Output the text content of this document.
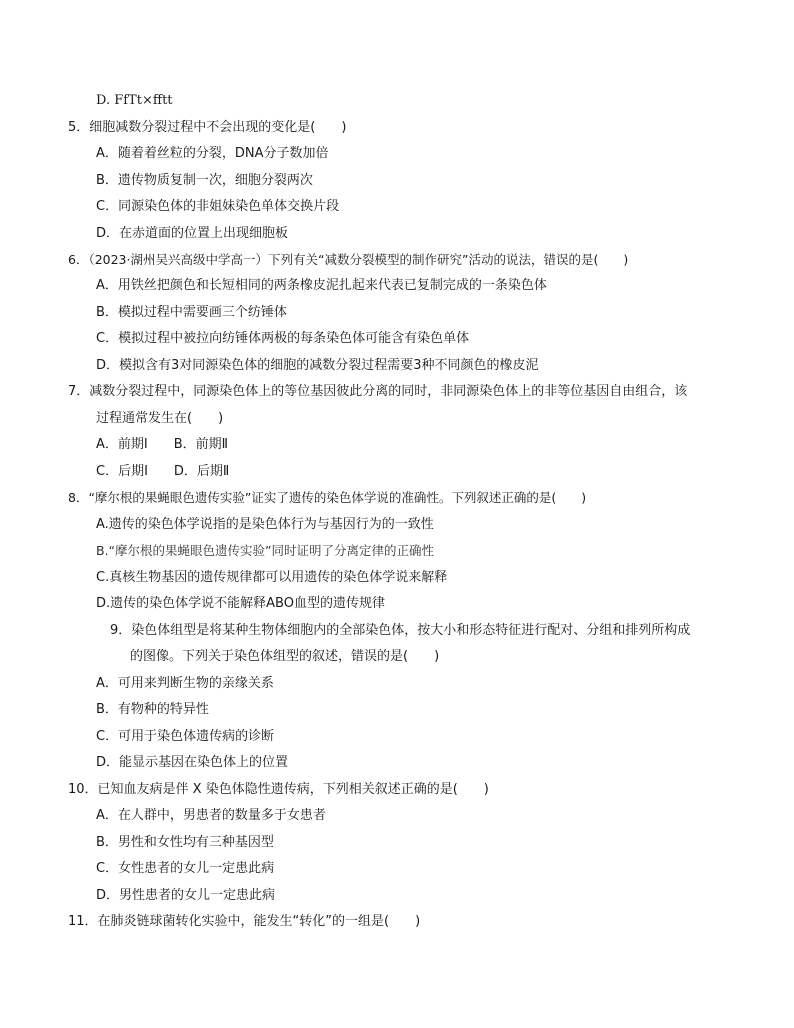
D. FfTt×fftt
5．细胞减数分裂过程中不会出现的变化是(　　)
A．随着着丝粒的分裂，DNA分子数加倍
B．遗传物质复制一次，细胞分裂两次
C．同源染色体的非姐妹染色单体交换片段
D．在赤道面的位置上出现细胞板
6．（2023·湖州吴兴高级中学高一）下列有关“减数分裂模型的制作研究”活动的说法，错误的是(　　)
A．用铁丝把颜色和长短相同的两条橡皮泥扎起来代表已复制完成的一条染色体
B．模拟过程中需要画三个纺锤体
C．模拟过程中被拉向纺锤体两极的每条染色体可能含有染色单体
D．模拟含有3对同源染色体的细胞的减数分裂过程需要3种不同颜色的橡皮泥
7．减数分裂过程中，同源染色体上的等位基因彼此分离的同时，非同源染色体上的非等位基因自由组合，该
过程通常发生在(　　)
A．前期Ⅰ　　B．前期Ⅱ
C．后期Ⅰ　　D．后期Ⅱ
8．“摩尔根的果蝇眼色遗传实验”证实了遗传的染色体学说的准确性。下列叙述正确的是(　　)
A.遗传的染色体学说指的是染色体行为与基因行为的一致性
B.“摩尔根的果蝇眼色遗传实验”同时证明了分离定律的正确性
C.真核生物基因的遗传规律都可以用遗传的染色体学说来解释
D.遗传的染色体学说不能解释ABO血型的遗传规律
9．染色体组型是将某种生物体细胞内的全部染色体，按大小和形态特征进行配对、分组和排列所构成
的图像。下列关于染色体组型的叙述，错误的是(　　)
A．可用来判断生物的亲缘关系
B．有物种的特异性
C．可用于染色体遗传病的诊断
D．能显示基因在染色体上的位置
10．已知血友病是伴 X 染色体隐性遗传病，下列相关叙述正确的是(　　)
A．在人群中，男患者的数量多于女患者
B．男性和女性均有三种基因型
C．女性患者的女儿一定患此病
D．男性患者的女儿一定患此病
11．在肺炎链球菌转化实验中，能发生“转化”的一组是(　　)
